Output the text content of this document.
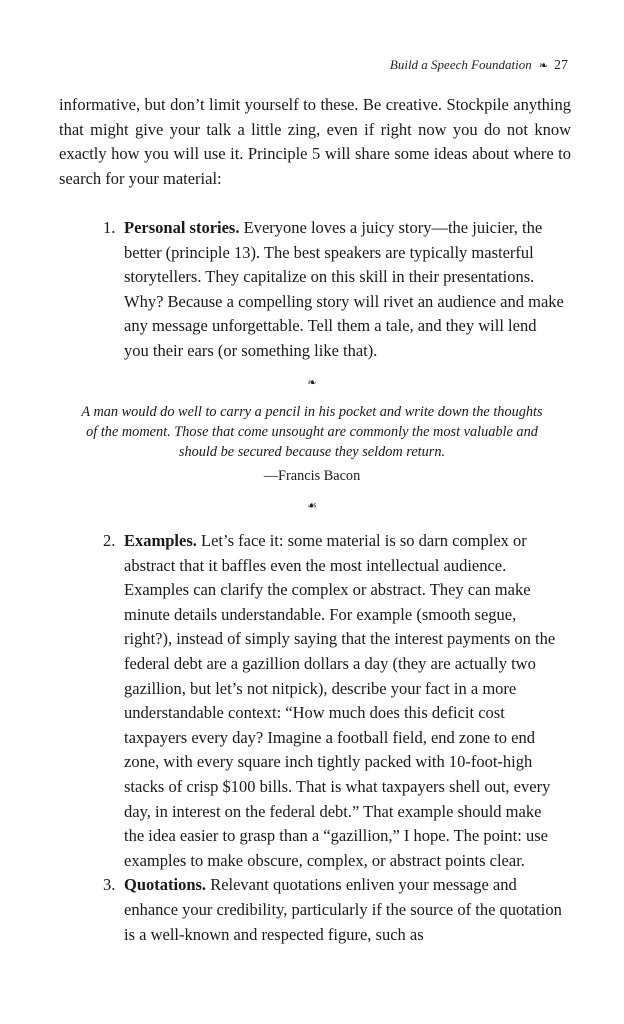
Build a Speech Foundation ❧ 27
informative, but don’t limit yourself to these. Be creative. Stockpile anything that might give your talk a little zing, even if right now you do not know exactly how you will use it. Principle 5 will share some ideas about where to search for your material:
1. Personal stories. Everyone loves a juicy story—the juicier, the better (principle 13). The best speakers are typically masterful storytellers. They capitalize on this skill in their presentations. Why? Because a compelling story will rivet an audience and make any message unforgettable. Tell them a tale, and they will lend you their ears (or something like that).
❧
A man would do well to carry a pencil in his pocket and write down the thoughts of the moment. Those that come unsought are commonly the most valuable and should be secured because they seldom return.
—Francis Bacon
☙
2. Examples. Let’s face it: some material is so darn complex or abstract that it baffles even the most intellectual audience. Examples can clarify the complex or abstract. They can make minute details understandable. For example (smooth segue, right?), instead of simply saying that the interest payments on the federal debt are a gazillion dollars a day (they are actually two gazillion, but let’s not nitpick), describe your fact in a more understandable context: “How much does this deficit cost taxpayers every day? Imagine a football field, end zone to end zone, with every square inch tightly packed with 10-foot-high stacks of crisp $100 bills. That is what taxpayers shell out, every day, in interest on the federal debt.” That example should make the idea easier to grasp than a “gazillion,” I hope. The point: use examples to make obscure, complex, or abstract points clear.
3. Quotations. Relevant quotations enliven your message and enhance your credibility, particularly if the source of the quotation is a well-known and respected figure, such as
